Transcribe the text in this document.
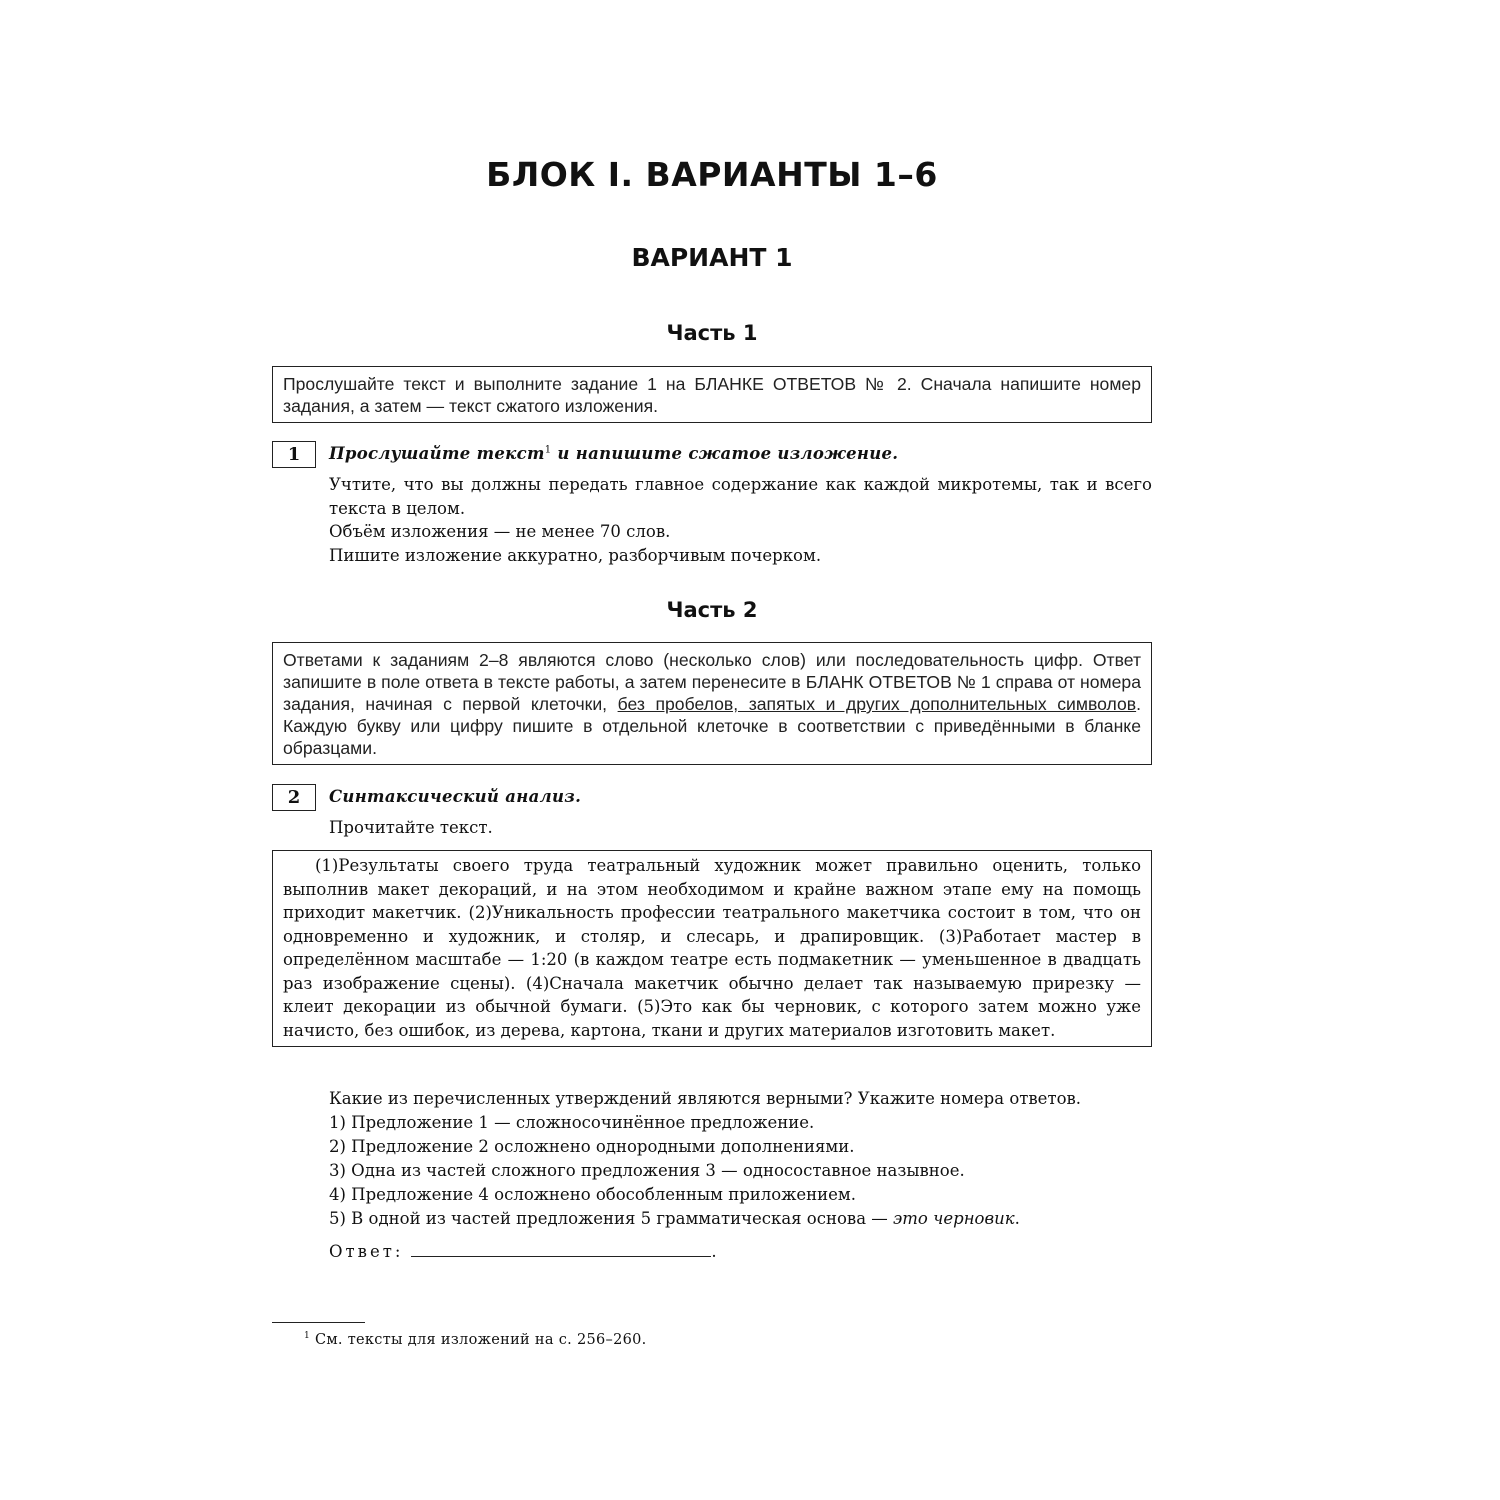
БЛОК I. ВАРИАНТЫ 1–6
ВАРИАНТ 1
Часть 1
Прослушайте текст и выполните задание 1 на БЛАНКЕ ОТВЕТОВ № 2. Сначала напишите номер задания, а затем — текст сжатого изложения.
1	Прослушайте текст$^1$ и напишите сжатое изложение.

Учтите, что вы должны передать главное содержание как каждой микротемы, так и всего текста в целом.

Объём изложения — не менее 70 слов.

Пишите изложение аккуратно, разборчивым почерком.

Часть 2
Ответами к заданиям 2–8 являются слово (несколько слов) или последовательность цифр. Ответ запишите в поле ответа в тексте работы, а затем перенесите в БЛАНК ОТВЕТОВ № 1 справа от номера задания, начиная с первой клеточки, без пробелов, запятых и других дополнительных символов. Каждую букву или цифру пишите в отдельной клеточке в соответствии с приведёнными в бланке образцами.
2	Синтаксический анализ.
Прочитайте текст.
(1)Результаты своего труда театральный художник может правильно оценить, только выполнив макет декораций, и на этом необходимом и крайне важном этапе ему на помощь приходит макетчик. (2)Уникальность профессии театрального макетчика состоит в том, что он одновременно и художник, и столяр, и слесарь, и драпировщик. (3)Работает мастер в определённом масштабе — 1:20 (в каждом театре есть подмакетник — уменьшенное в двадцать раз изображение сцены). (4)Сначала макетчик обычно делает так называемую прирезку — клеит декорации из обычной бумаги. (5)Это как бы черновик, с которого затем можно уже начисто, без ошибок, из дерева, картона, ткани и других материалов изготовить макет.
Какие из перечисленных утверждений являются верными? Укажите номера ответов.

1) Предложение 1 — сложносочинённое предложение.

2) Предложение 2 осложнено однородными дополнениями.

3) Одна из частей сложного предложения 3 — односоставное назывное.

4) Предложение 4 осложнено обособленным приложением.

5) В одной из частей предложения 5 грамматическая основа — это черновик.

Ответ:	.
$^1$ См. тексты для изложений на с. 256–260.
